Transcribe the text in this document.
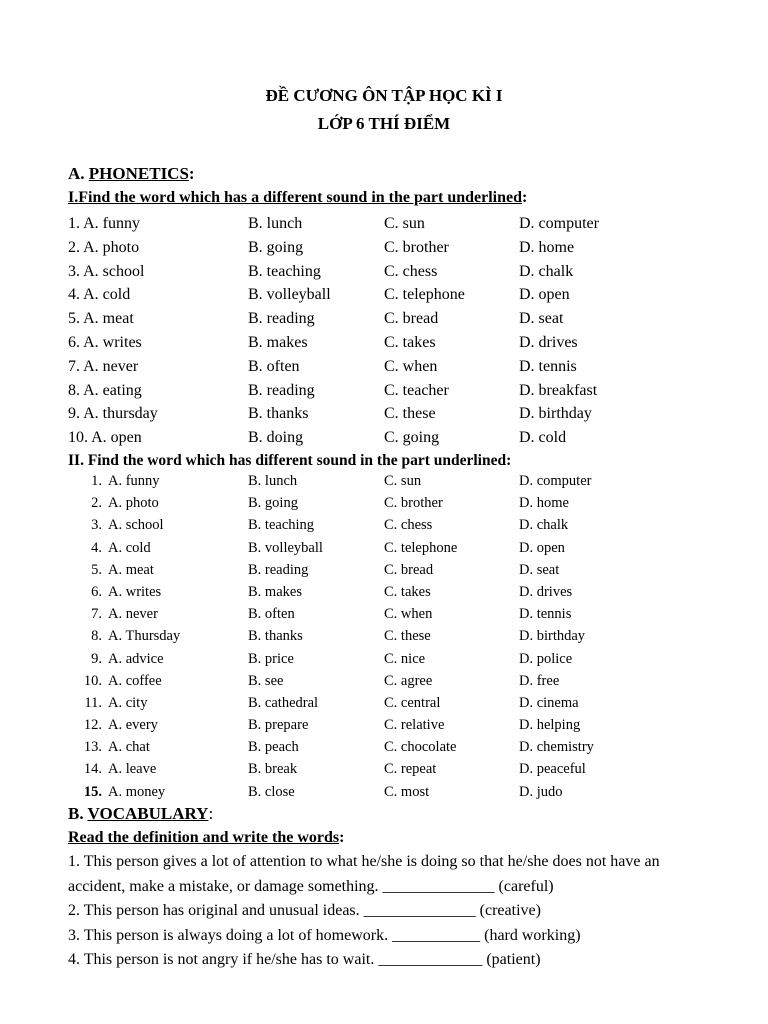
ĐỀ CƯƠNG ÔN TẬP HỌC KÌ I
LỚP 6 THÍ ĐIỂM
A. PHONETICS:
I.Find the word which has a different sound in the part underlined:
1. A. funny	B. lunch	C. sun	D. computer
2. A. photo	B. going	C. brother	D. home
3. A. school	B. teaching	C. chess	D. chalk
4. A. cold	B. volleyball	C. telephone	D. open
5. A. meat	B. reading	C. bread	D. seat
6. A. writes	B. makes	C. takes	D. drives
7. A. never	B. often	C. when	D. tennis
8. A. eating	B. reading	C. teacher	D. breakfast
9. A. thursday	B. thanks	C. these	D. birthday
10. A. open	B. doing	C. going	D. cold
II. Find the word which has different sound in the part underlined:
1. A. funny	B. lunch	C. sun	D. computer
2. A. photo	B. going	C. brother	D. home
3. A. school	B. teaching	C. chess	D. chalk
4. A. cold	B. volleyball	C. telephone	D. open
5. A. meat	B. reading	C. bread	D. seat
6. A. writes	B. makes	C. takes	D. drives
7. A. never	B. often	C. when	D. tennis
8. A. Thursday	B. thanks	C. these	D. birthday
9. A. advice	B. price	C. nice	D. police
10. A. coffee	B. see	C. agree	D. free
11. A. city	B. cathedral	C. central	D. cinema
12. A. every	B. prepare	C. relative	D. helping
13. A. chat	B. peach	C. chocolate	D. chemistry
14. A. leave	B. break	C. repeat	D. peaceful
15. A. money	B. close	C. most	D. judo
B. VOCABULARY:
Read the definition and write the words:
1. This person gives a lot of attention to what he/she is doing so that he/she does not have an accident, make a mistake, or damage something. ______________ (careful)
2. This person has original and unusual ideas. ______________ (creative)
3. This person is always doing a lot of homework. ___________ (hard working)
4. This person is not angry if he/she has to wait. _____________ (patient)
